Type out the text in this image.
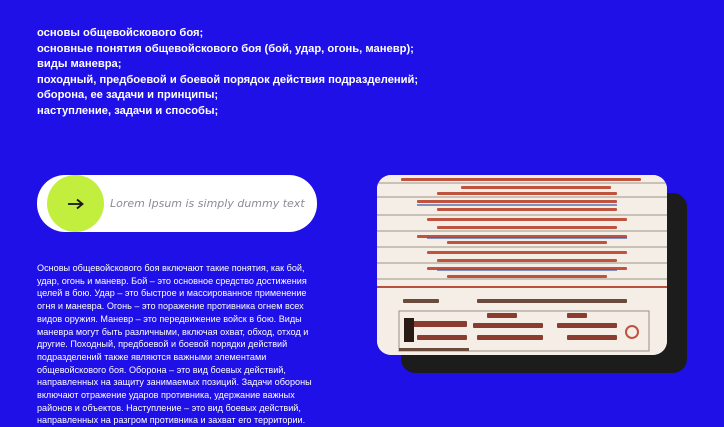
основы общевойскового боя;
основные понятия общевойскового боя (бой, удар, огонь, маневр);
виды маневра;
походный, предбоевой и боевой порядок действия подразделений;
оборона, ее задачи и принципы;
наступление, задачи и способы;
Lorem Ipsum is simply dummy text
Основы общевойскового боя включают такие понятия, как бой, удар, огонь и маневр. Бой – это основное средство достижения целей в бою. Удар – это быстрое и массированное применение огня и маневра. Огонь – это поражение противника огнем всех видов оружия. Маневр – это передвижение войск в бою. Виды маневра могут быть различными, включая охват, обход, отход и другие. Походный, предбоевой и боевой порядки действий подразделений также являются важными элементами общевойскового боя. Оборона – это вид боевых действий, направленных на защиту занимаемых позиций. Задачи обороны включают отражение ударов противника, удержание важных районов и объектов. Наступление – это вид боевых действий, направленных на разгром противника и захват его территории.
